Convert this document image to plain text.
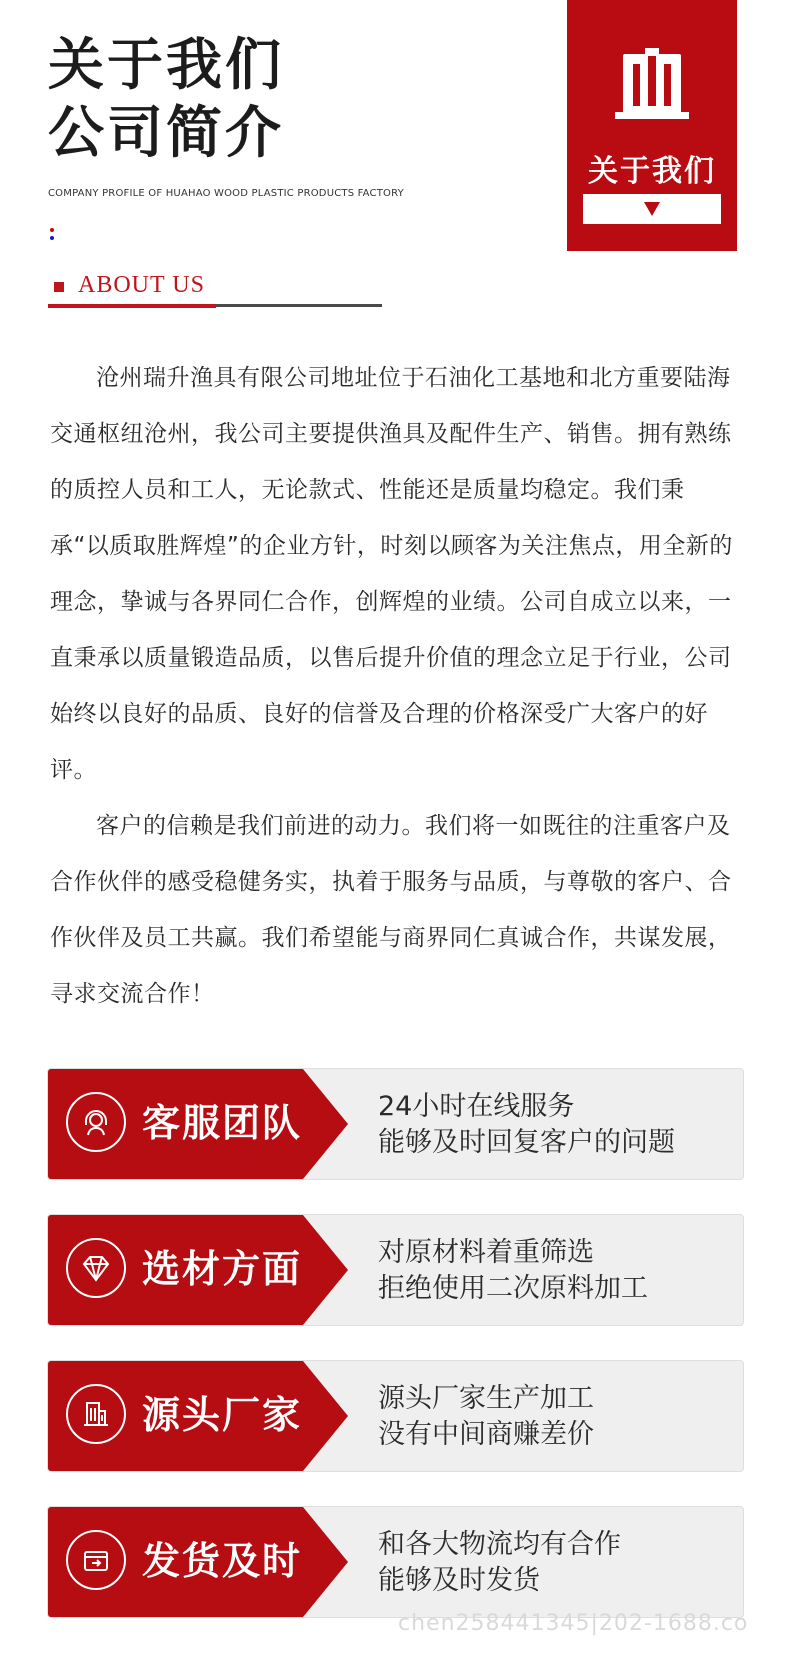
关于我们
公司简介
COMPANY PROFILE OF HUAHAO WOOD PLASTIC PRODUCTS FACTORY
ABOUT US
关于我们

沧州瑞升渔具有限公司地址位于石油化工基地和北方重要陆海交通枢纽沧州，我公司主要提供渔具及配件生产、销售。拥有熟练的质控人员和工人，无论款式、性能还是质量均稳定。我们秉承“以质取胜辉煌”的企业方针，时刻以顾客为关注焦点，用全新的理念，挚诚与各界同仁合作，创辉煌的业绩。公司自成立以来，一直秉承以质量锻造品质，以售后提升价值的理念立足于行业，公司始终以良好的品质、良好的信誉及合理的价格深受广大客户的好评。

客户的信赖是我们前进的动力。我们将一如既往的注重客户及合作伙伴的感受稳健务实，执着于服务与品质，与尊敬的客户、合作伙伴及员工共赢。我们希望能与商界同仁真诚合作，共谋发展，寻求交流合作！

客服团队	24小时在线服务
能够及时回复客户的问题
选材方面	对原材料着重筛选
拒绝使用二次原料加工
源头厂家	源头厂家生产加工
没有中间商赚差价
发货及时	和各大物流均有合作
能够及时发货
chen258441345|202-1688.co
